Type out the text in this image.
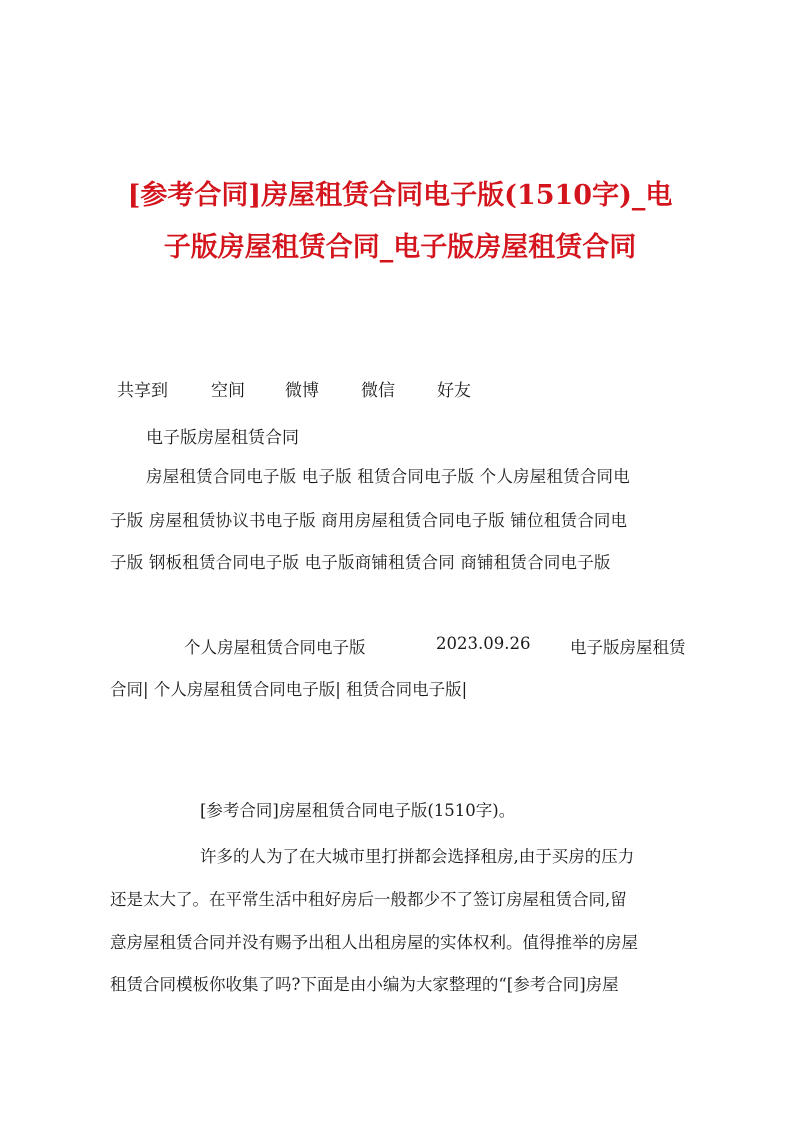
[参考合同]房屋租赁合同电子版(1510字)_电
子版房屋租赁合同_电子版房屋租赁合同
共享到	空间 微博 微信 好友
电子版房屋租赁合同
房屋租赁合同电子版 电子版 租赁合同电子版 个人房屋租赁合同电
子版 房屋租赁协议书电子版 商用房屋租赁合同电子版 铺位租赁合同电
子版 钢板租赁合同电子版 电子版商铺租赁合同 商铺租赁合同电子版
个人房屋租赁合同电子版	2023.09.26 电子版房屋租赁
合同| 个人房屋租赁合同电子版| 租赁合同电子版|
[参考合同]房屋租赁合同电子版(1510字)。
许多的人为了在大城市里打拼都会选择租房,由于买房的压力
还是太大了。在平常生活中租好房后一般都少不了签订房屋租赁合同,留
意房屋租赁合同并没有赐予出租人出租房屋的实体权利。值得推举的房屋
租赁合同模板你收集了吗?下面是由小编为大家整理的“[参考合同]房屋
